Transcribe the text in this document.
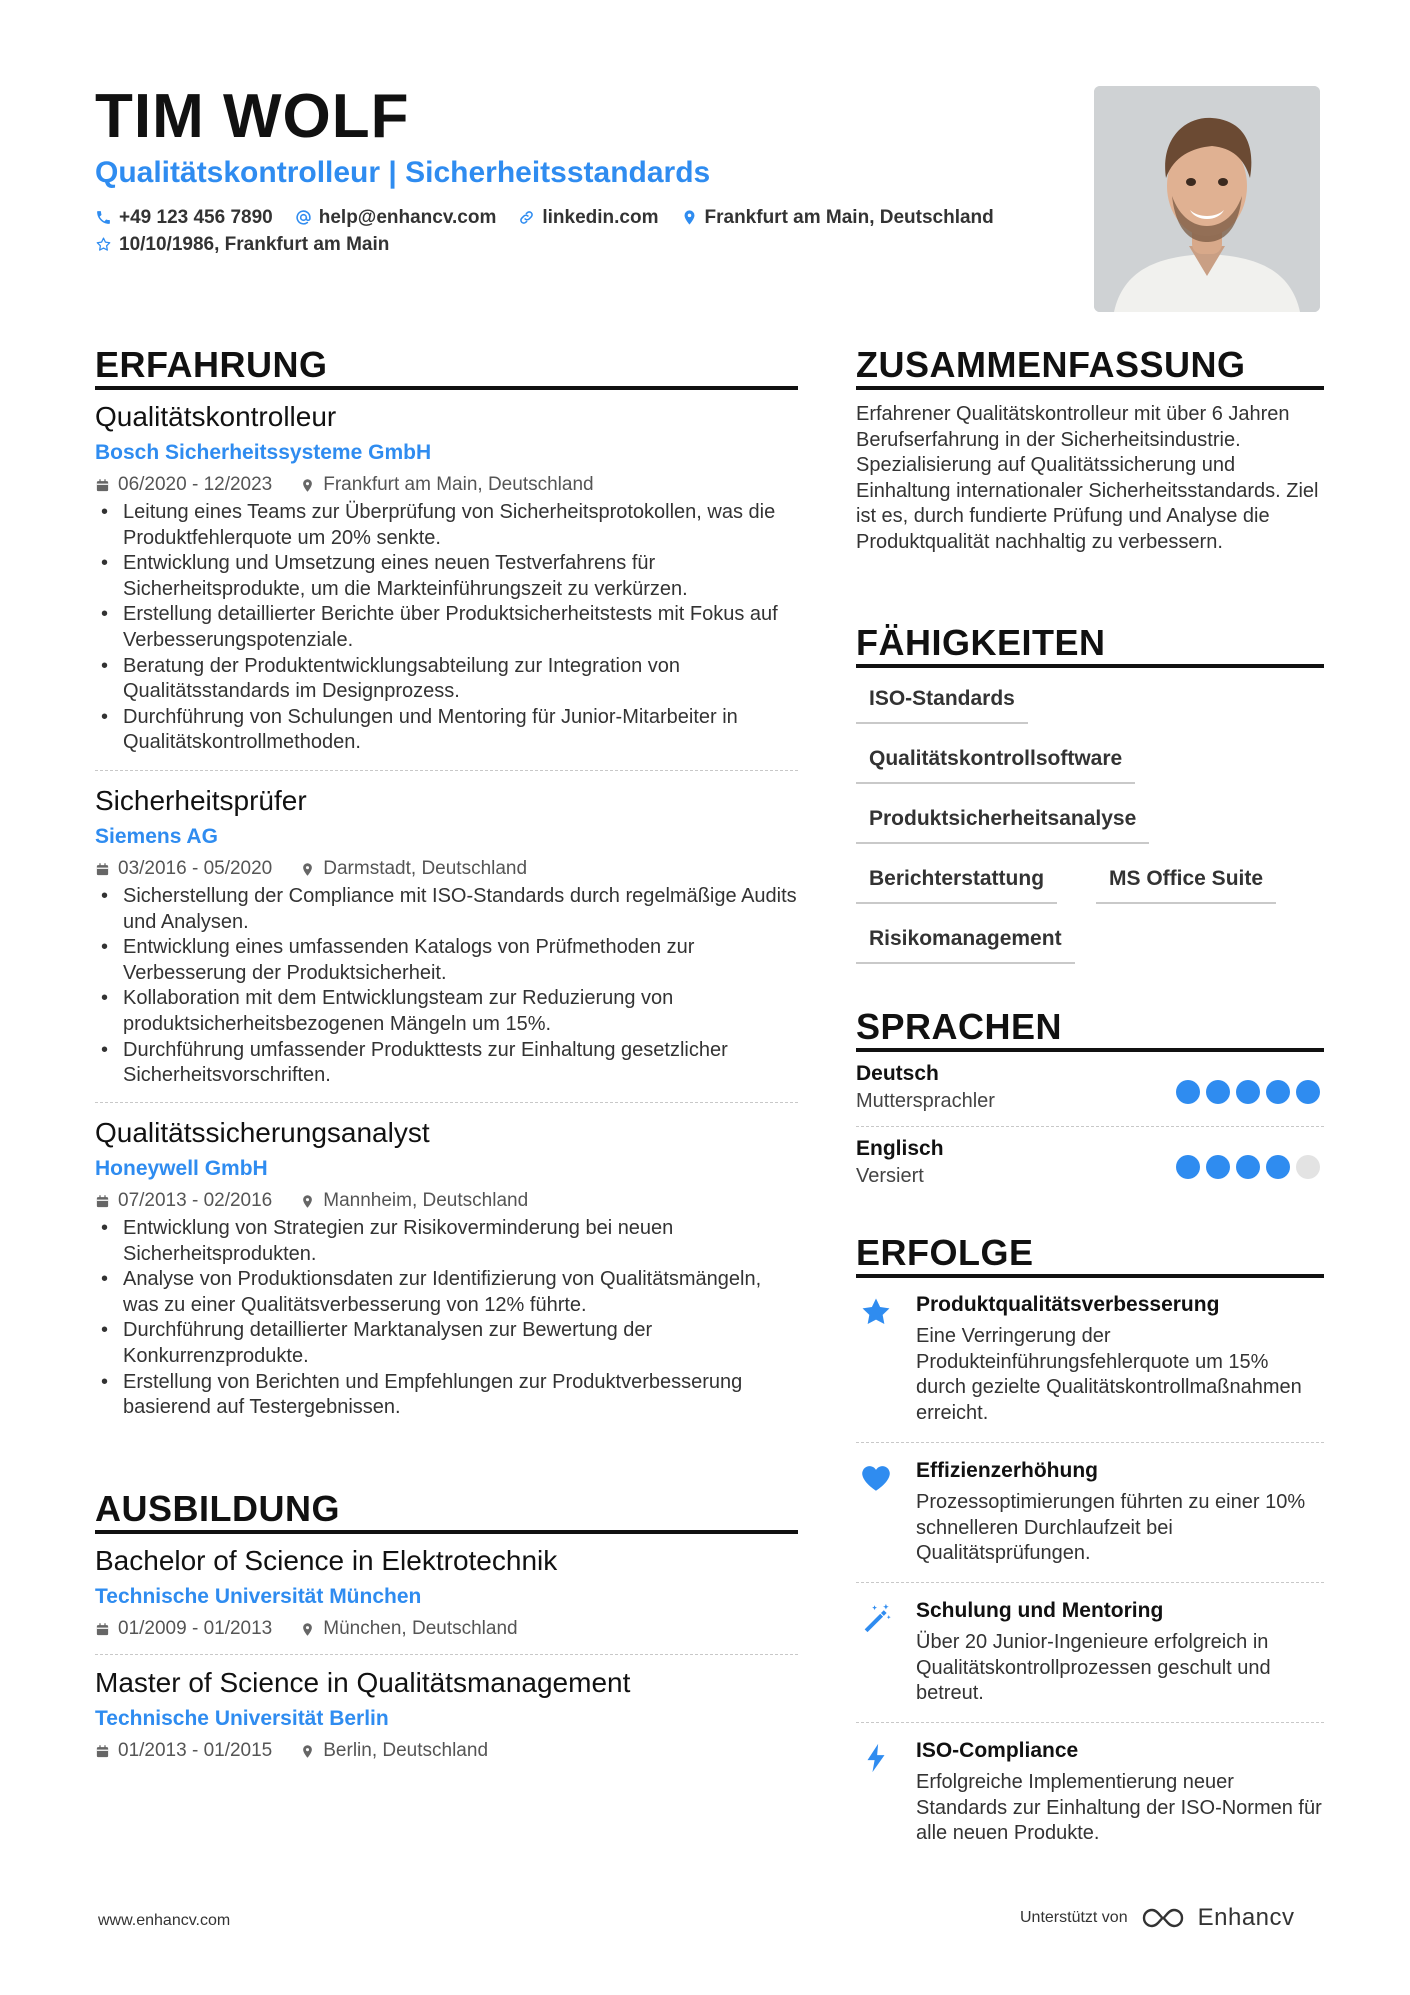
TIM WOLF
Qualitätskontrolleur | Sicherheitsstandards
+49 123 456 7890 help@enhancv.com linkedin.com Frankfurt am Main, Deutschland
10/10/1986, Frankfurt am Main
ERFAHRUNG
Qualitätskontrolleur
Bosch Sicherheitssysteme GmbH
06/2020 - 12/2023	Frankfurt am Main, Deutschland
• Leitung eines Teams zur Überprüfung von Sicherheitsprotokollen, was die Produktfehlerquote um 20% senkte.
• Entwicklung und Umsetzung eines neuen Testverfahrens für Sicherheitsprodukte, um die Markteinführungszeit zu verkürzen.
• Erstellung detaillierter Berichte über Produktsicherheitstests mit Fokus auf Verbesserungspotenziale.
• Beratung der Produktentwicklungsabteilung zur Integration von Qualitätsstandards im Designprozess.
• Durchführung von Schulungen und Mentoring für Junior-Mitarbeiter in Qualitätskontrollmethoden.
Sicherheitsprüfer
Siemens AG
03/2016 - 05/2020	Darmstadt, Deutschland
• Sicherstellung der Compliance mit ISO-Standards durch regelmäßige Audits und Analysen.
• Entwicklung eines umfassenden Katalogs von Prüfmethoden zur Verbesserung der Produktsicherheit.
• Kollaboration mit dem Entwicklungsteam zur Reduzierung von produktsicherheitsbezogenen Mängeln um 15%.
• Durchführung umfassender Produkttests zur Einhaltung gesetzlicher Sicherheitsvorschriften.
Qualitätssicherungsanalyst
Honeywell GmbH
07/2013 - 02/2016	Mannheim, Deutschland
• Entwicklung von Strategien zur Risikoverminderung bei neuen Sicherheitsprodukten.
• Analyse von Produktionsdaten zur Identifizierung von Qualitätsmängeln, was zu einer Qualitätsverbesserung von 12% führte.
• Durchführung detaillierter Marktanalysen zur Bewertung der Konkurrenzprodukte.
• Erstellung von Berichten und Empfehlungen zur Produktverbesserung basierend auf Testergebnissen.
AUSBILDUNG
Bachelor of Science in Elektrotechnik
Technische Universität München
01/2009 - 01/2013	München, Deutschland
Master of Science in Qualitätsmanagement
Technische Universität Berlin
01/2013 - 01/2015	Berlin, Deutschland
ZUSAMMENFASSUNG
Erfahrener Qualitätskontrolleur mit über 6 Jahren Berufserfahrung in der Sicherheitsindustrie. Spezialisierung auf Qualitätssicherung und Einhaltung internationaler Sicherheitsstandards. Ziel ist es, durch fundierte Prüfung und Analyse die Produktqualität nachhaltig zu verbessern.
FÄHIGKEITEN
ISO-Standards
Qualitätskontrollsoftware
Produktsicherheitsanalyse
Berichterstattung	MS Office Suite
Risikomanagement
SPRACHEN
Deutsch
Muttersprachler
Englisch
Versiert
ERFOLGE
Produktqualitätsverbesserung
Eine Verringerung der Produkteinführungsfehlerquote um 15% durch gezielte Qualitätskontrollmaßnahmen erreicht.
Effizienzerhöhung
Prozessoptimierungen führten zu einer 10% schnelleren Durchlaufzeit bei Qualitätsprüfungen.
Schulung und Mentoring
Über 20 Junior-Ingenieure erfolgreich in Qualitätskontrollprozessen geschult und betreut.
ISO-Compliance
Erfolgreiche Implementierung neuer Standards zur Einhaltung der ISO-Normen für alle neuen Produkte.
www.enhancv.com	Unterstützt von	Enhancv
